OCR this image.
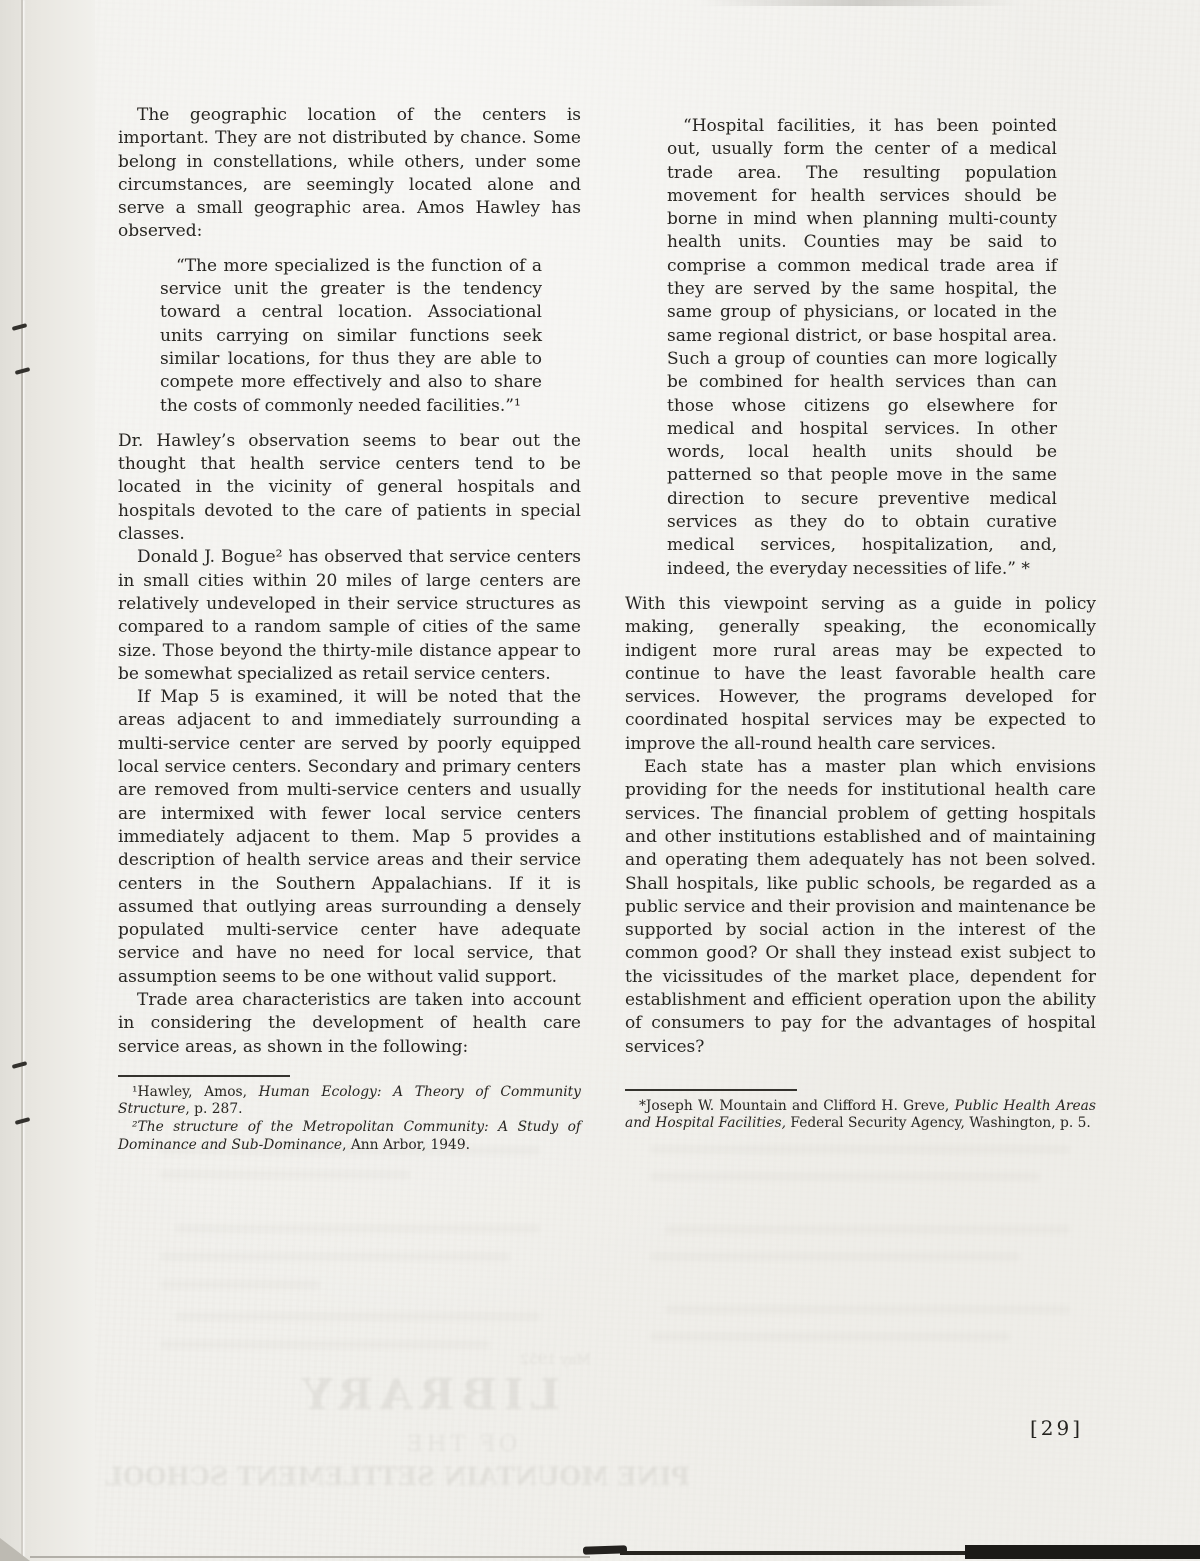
May 1952
LIBRARY
OF THE
PINE MOUNTAIN SETTLEMENT SCHOOL

The geographic location of the centers is important. They are not distributed by chance. Some belong in constellations, while others, under some circumstances, are seemingly located alone and serve a small geographic area. Amos Hawley has observed:

“The more specialized is the function of a service unit the greater is the tendency toward a central location. Associational units carrying on similar functions seek similar locations, for thus they are able to compete more effectively and also to share the costs of commonly needed facilities.”¹

Dr. Hawley’s observation seems to bear out the thought that health service centers tend to be located in the vicinity of general hospitals and hospitals devoted to the care of patients in special classes.

Donald J. Bogue² has observed that service centers in small cities within 20 miles of large centers are relatively undeveloped in their service structures as compared to a random sample of cities of the same size. Those beyond the thirty-mile distance appear to be somewhat specialized as retail service centers.

If Map 5 is examined, it will be noted that the areas adjacent to and immediately surrounding a multi-service center are served by poorly equipped local service centers. Secondary and primary centers are removed from multi-service centers and usually are intermixed with fewer local service centers immediately adjacent to them. Map 5 provides a description of health service areas and their service centers in the Southern Appalachians. If it is assumed that outlying areas surrounding a densely populated multi-service center have adequate service and have no need for local service, that assumption seems to be one without valid support.

Trade area characteristics are taken into account in considering the development of health care service areas, as shown in the following:

¹Hawley, Amos, Human Ecology: A Theory of Community Structure, p. 287.

²The structure of the Metropolitan Community: A Study of Dominance and Sub-Dominance, Ann Arbor, 1949.

“Hospital facilities, it has been pointed out, usually form the center of a medical trade area. The resulting population movement for health services should be borne in mind when planning multi-county health units. Counties may be said to comprise a common medical trade area if they are served by the same hospital, the same group of physicians, or located in the same regional district, or base hospital area. Such a group of counties can more logically be combined for health services than can those whose citizens go elsewhere for medical and hospital services. In other words, local health units should be patterned so that people move in the same direction to secure preventive medical services as they do to obtain curative medical services, hospitalization, and, indeed, the everyday necessities of life.” *

With this viewpoint serving as a guide in policy making, generally speaking, the economically indigent more rural areas may be expected to continue to have the least favorable health care services. However, the programs developed for coordinated hospital services may be expected to improve the all-round health care services.

Each state has a master plan which envisions providing for the needs for institutional health care services. The financial problem of getting hospitals and other institutions established and of maintaining and operating them adequately has not been solved. Shall hospitals, like public schools, be regarded as a public service and their provision and maintenance be supported by social action in the interest of the common good? Or shall they instead exist subject to the vicissitudes of the market place, dependent for establishment and efficient operation upon the ability of consumers to pay for the advantages of hospital services?

*Joseph W. Mountain and Clifford H. Greve, Public Health Areas and Hospital Facilities, Federal Security Agency, Washington, p. 5.

[29]
